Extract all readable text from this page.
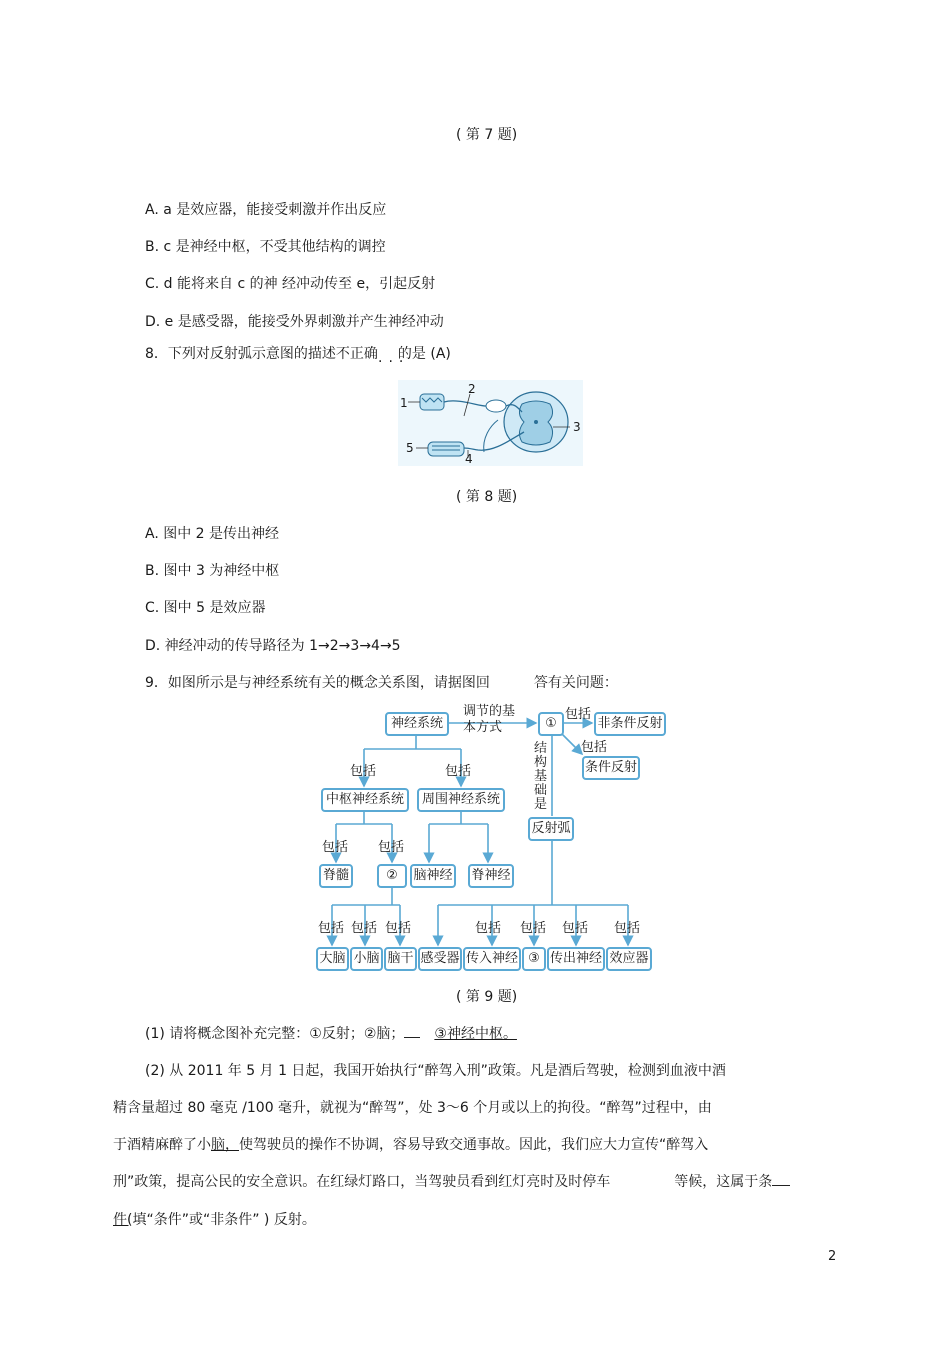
( 第 7 题)
A. a 是效应器，能接受刺激并作出反应
B. c 是神经中枢，不受其他结构的调控
C. d 能将来自 c 的神 经冲动传至 e，引起反射
D. e 是感受器，能接受外界刺激并产生神经冲动
8．下列对反射弧示意图的描述不正确 的是 (A)
...
1
2
3
4
5
( 第 8 题)
A. 图中 2 是传出神经
B. 图中 3 为神经中枢
C. 图中 5 是效应器
D. 神经冲动的传导路径为 1→2→3→4→5
9．如图所示是与神经系统有关的概念关系图，请据图回	答有关问题：
神经系统
调节的基
本方式	①
包括
非条件反射
包括
条件反射
结构基础是
包括	包括
中枢神经系统	周围神经系统
反射弧
包括 包括
脊髓	②	脑神经 脊神经
包括 包括 包括	包括 包括 包括 包括
大脑 小脑 脑干 感受器 传入神经 ③ 传出神经 效应器
( 第 9 题)
(1) 请将概念图补充完整：①反射；②脑； ③神经中枢。
(2) 从 2011 年 5 月 1 日起，我国开始执行“醉驾入刑”政策。凡是酒后驾驶，检测到血液中酒
精含量超过 80 毫克 /100 毫升，就视为“醉驾”，处 3～6 个月或以上的拘役。“醉驾”过程中，由
于酒精麻醉了小脑，使驾驶员的操作不协调，容易导致交通事故。因此，我们应大力宣传“醉驾入
刑”政策，提高公民的安全意识。在红绿灯路口，当驾驶员看到红灯亮时及时停车	等候，这属于条
件(填“条件”或“非条件” ) 反射。
2
